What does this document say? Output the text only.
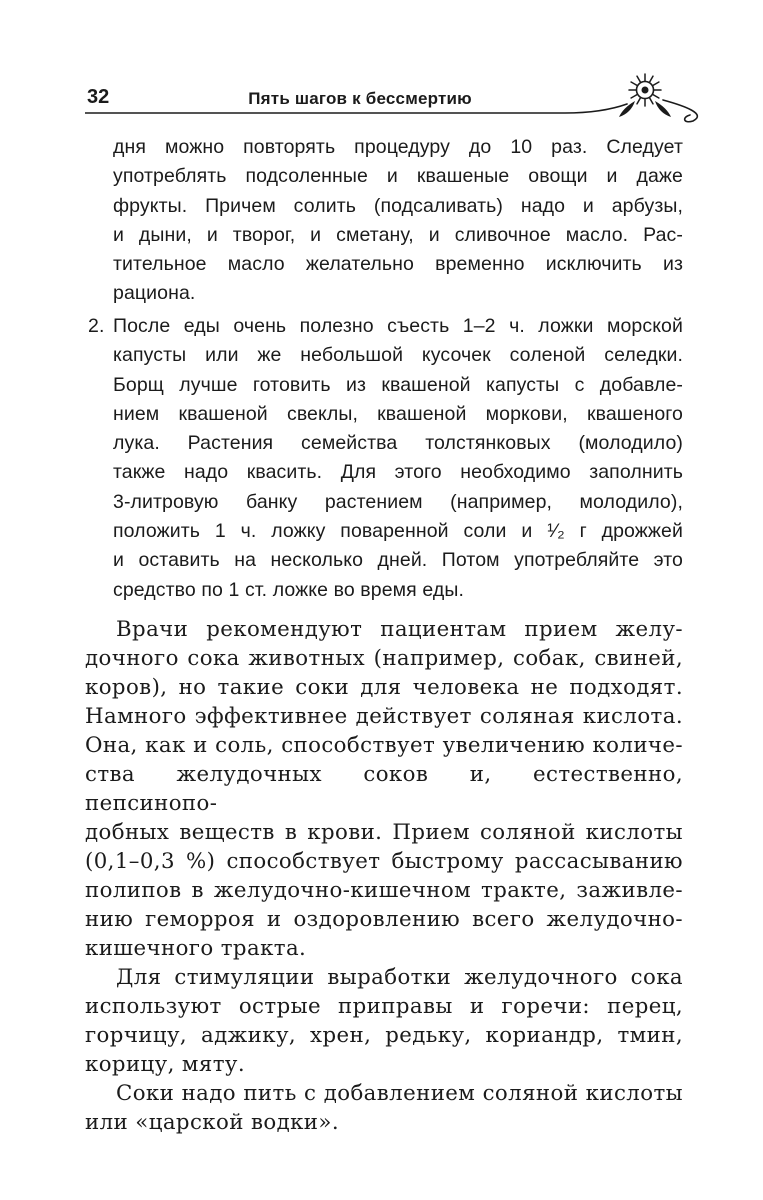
32	Пять шагов к бессмертию
дня можно повторять процедуру до 10 раз. Следует
употреблять подсоленные и квашеные овощи и даже
фрукты. Причем солить (подсаливать) надо и арбузы,
и дыни, и творог, и сметану, и сливочное масло. Рас-
тительное масло желательно временно исключить из
рациона.
2. После еды очень полезно съесть 1–2 ч. ложки морской
капусты или же небольшой кусочек соленой селедки.
Борщ лучше готовить из квашеной капусты с добавле-
нием квашеной свеклы, квашеной моркови, квашеного
лука. Растения семейства толстянковых (молодило)
также надо квасить. Для этого необходимо заполнить
3-литровую банку растением (например, молодило),
положить 1 ч. ложку поваренной соли и ¹⁄₂ г дрожжей
и оставить на несколько дней. Потом употребляйте это
средство по 1 ст. ложке во время еды.
Врачи рекомендуют пациентам прием желу-
дочного сока животных (например, собак, свиней,
коров), но такие соки для человека не подходят.
Намного эффективнее действует соляная кислота.
Она, как и соль, способствует увеличению количе-
ства желудочных соков и, естественно, пепсинопо-
добных веществ в крови. Прием соляной кислоты
(0,1–0,3 %) способствует быстрому рассасыванию
полипов в желудочно-кишечном тракте, заживле-
нию геморроя и оздоровлению всего желудочно-
кишечного тракта.
Для стимуляции выработки желудочного сока
используют острые приправы и горечи: перец,
горчицу, аджику, хрен, редьку, кориандр, тмин,
корицу, мяту.
Соки надо пить с добавлением соляной кислоты
или «царской водки».
